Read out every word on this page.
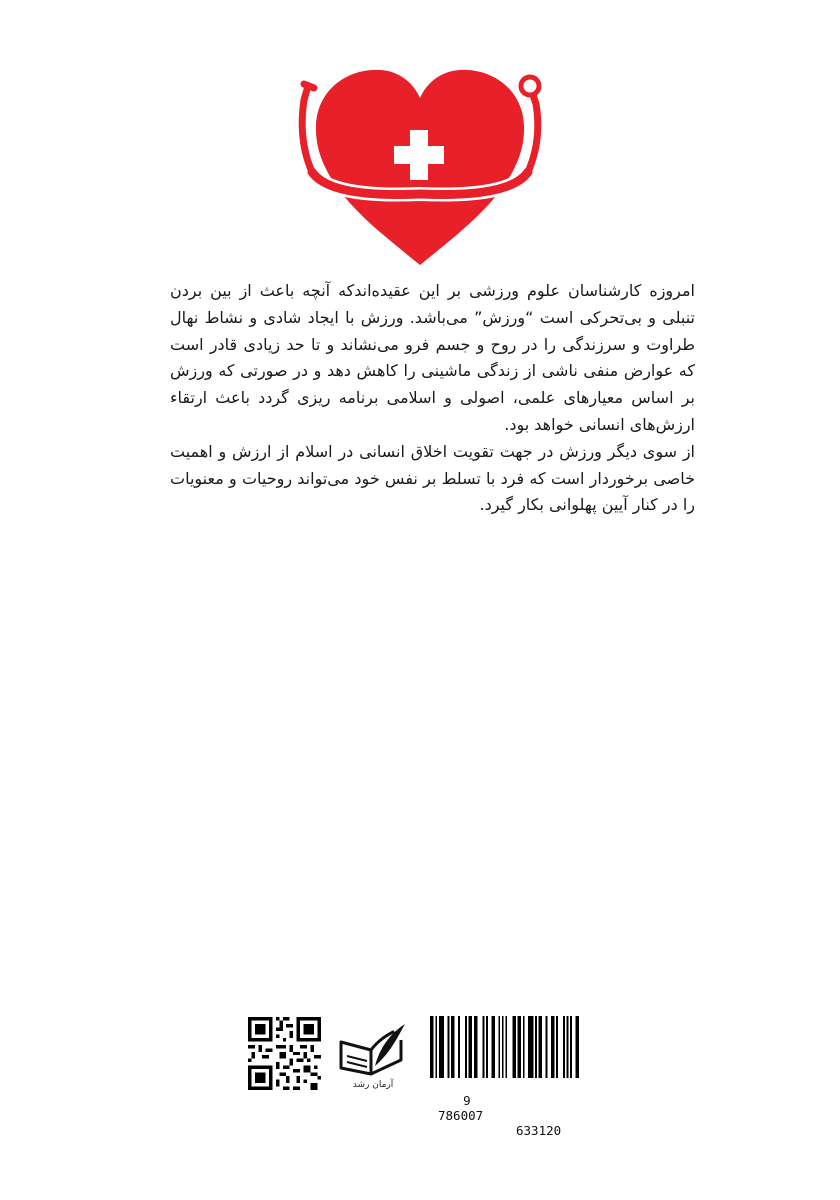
امروزه کارشناسان علوم ورزشی بر این عقیده‌اندکه آنچه باعث از بین بردن تنبلی و بی‌تحرکی است “ورزش” می‌باشد. ورزش با ایجاد شادی و نشاط نهال طراوت و سرزندگی را در روح و جسم فرو می‌نشاند و تا حد زیادی قادر است که عوارض منفی ناشی از زندگی ماشینی را کاهش دهد و در صورتی که ورزش بر اساس معیارهای علمی، اصولی و اسلامی برنامه ریزی گردد باعث ارتقاء ارزش‌های انسانی خواهد بود.

از سوی دیگر ورزش در جهت تقویت اخلاق انسانی در اسلام از ارزش و اهمیت خاصی برخوردار است که فرد با تسلط بر نفس خود می‌تواند روحیات و معنویات را در کنار آیین پهلوانی بکار گیرد.

آرمان رشد

9

786007

633120
